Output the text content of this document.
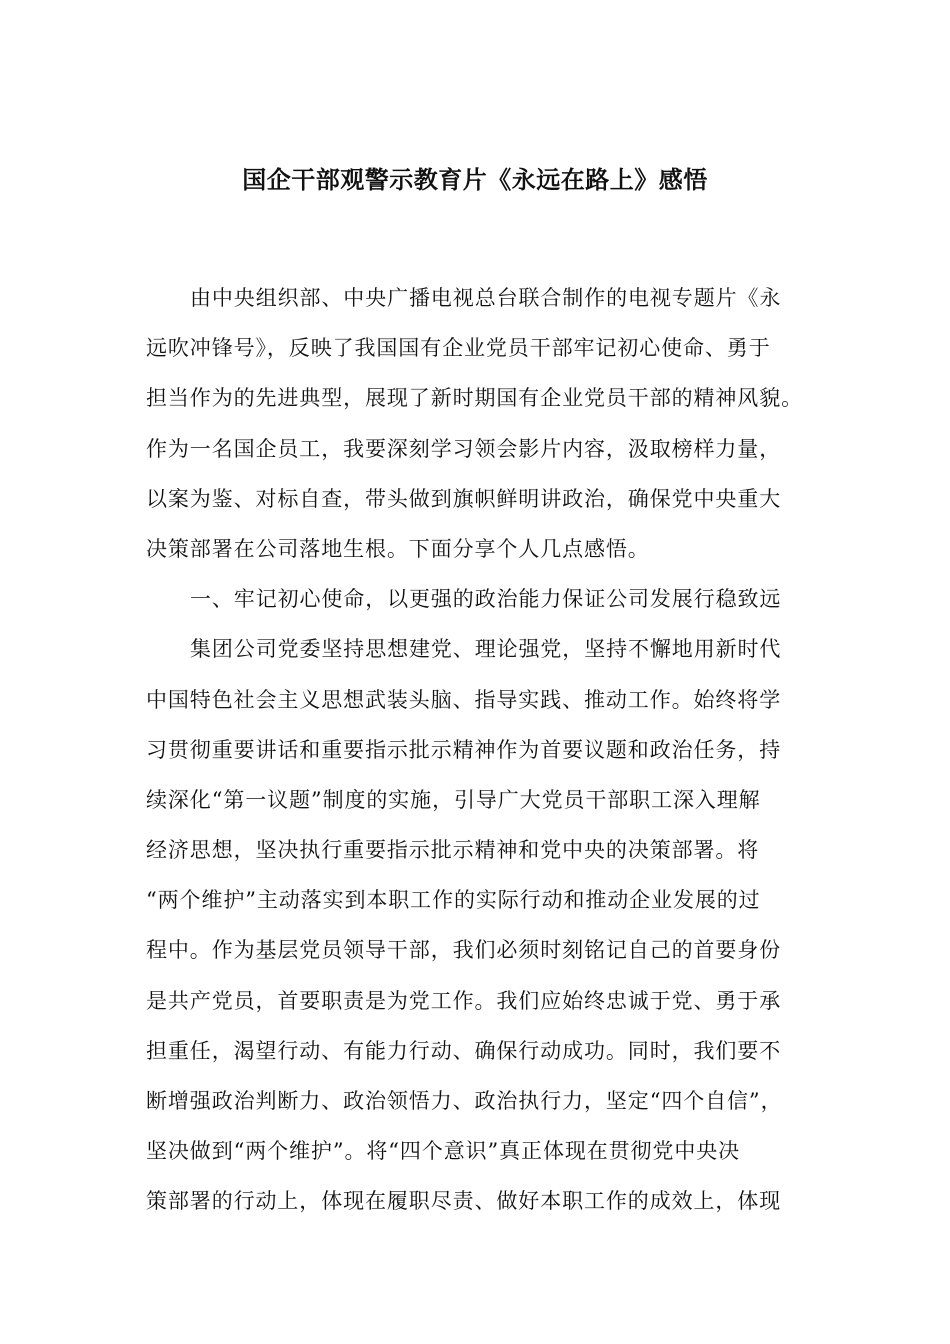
国企干部观警示教育片《永远在路上》感悟
由中央组织部、中央广播电视总台联合制作的电视专题片《永
远吹冲锋号》，反映了我国国有企业党员干部牢记初心使命、勇于
担当作为的先进典型，展现了新时期国有企业党员干部的精神风貌。
作为一名国企员工，我要深刻学习领会影片内容，汲取榜样力量，
以案为鉴、对标自查，带头做到旗帜鲜明讲政治，确保党中央重大
决策部署在公司落地生根。下面分享个人几点感悟。
一、牢记初心使命，以更强的政治能力保证公司发展行稳致远
集团公司党委坚持思想建党、理论强党，坚持不懈地用新时代
中国特色社会主义思想武装头脑、指导实践、推动工作。始终将学
习贯彻重要讲话和重要指示批示精神作为首要议题和政治任务，持
续深化“第一议题”制度的实施，引导广大党员干部职工深入理解
经济思想，坚决执行重要指示批示精神和党中央的决策部署。将
“两个维护”主动落实到本职工作的实际行动和推动企业发展的过
程中。作为基层党员领导干部，我们必须时刻铭记自己的首要身份
是共产党员，首要职责是为党工作。我们应始终忠诚于党、勇于承
担重任，渴望行动、有能力行动、确保行动成功。同时，我们要不
断增强政治判断力、政治领悟力、政治执行力，坚定“四个自信”，
坚决做到“两个维护”。将“四个意识”真正体现在贯彻党中央决
策部署的行动上，体现在履职尽责、做好本职工作的成效上，体现
